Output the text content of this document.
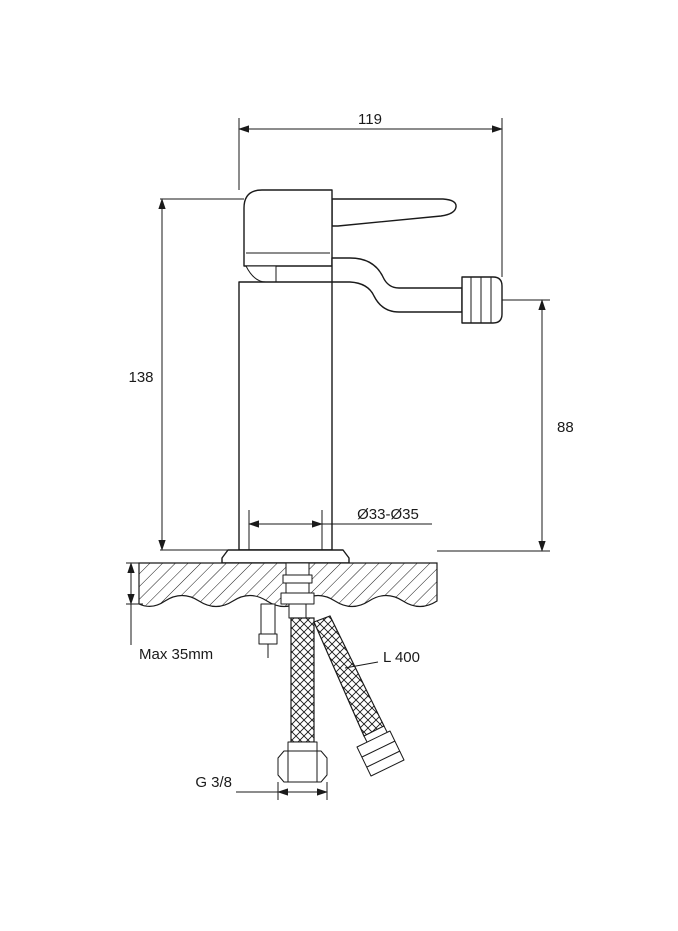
119
138
88
Ø33-Ø35
Max 35mm	L 400
G 3/8
